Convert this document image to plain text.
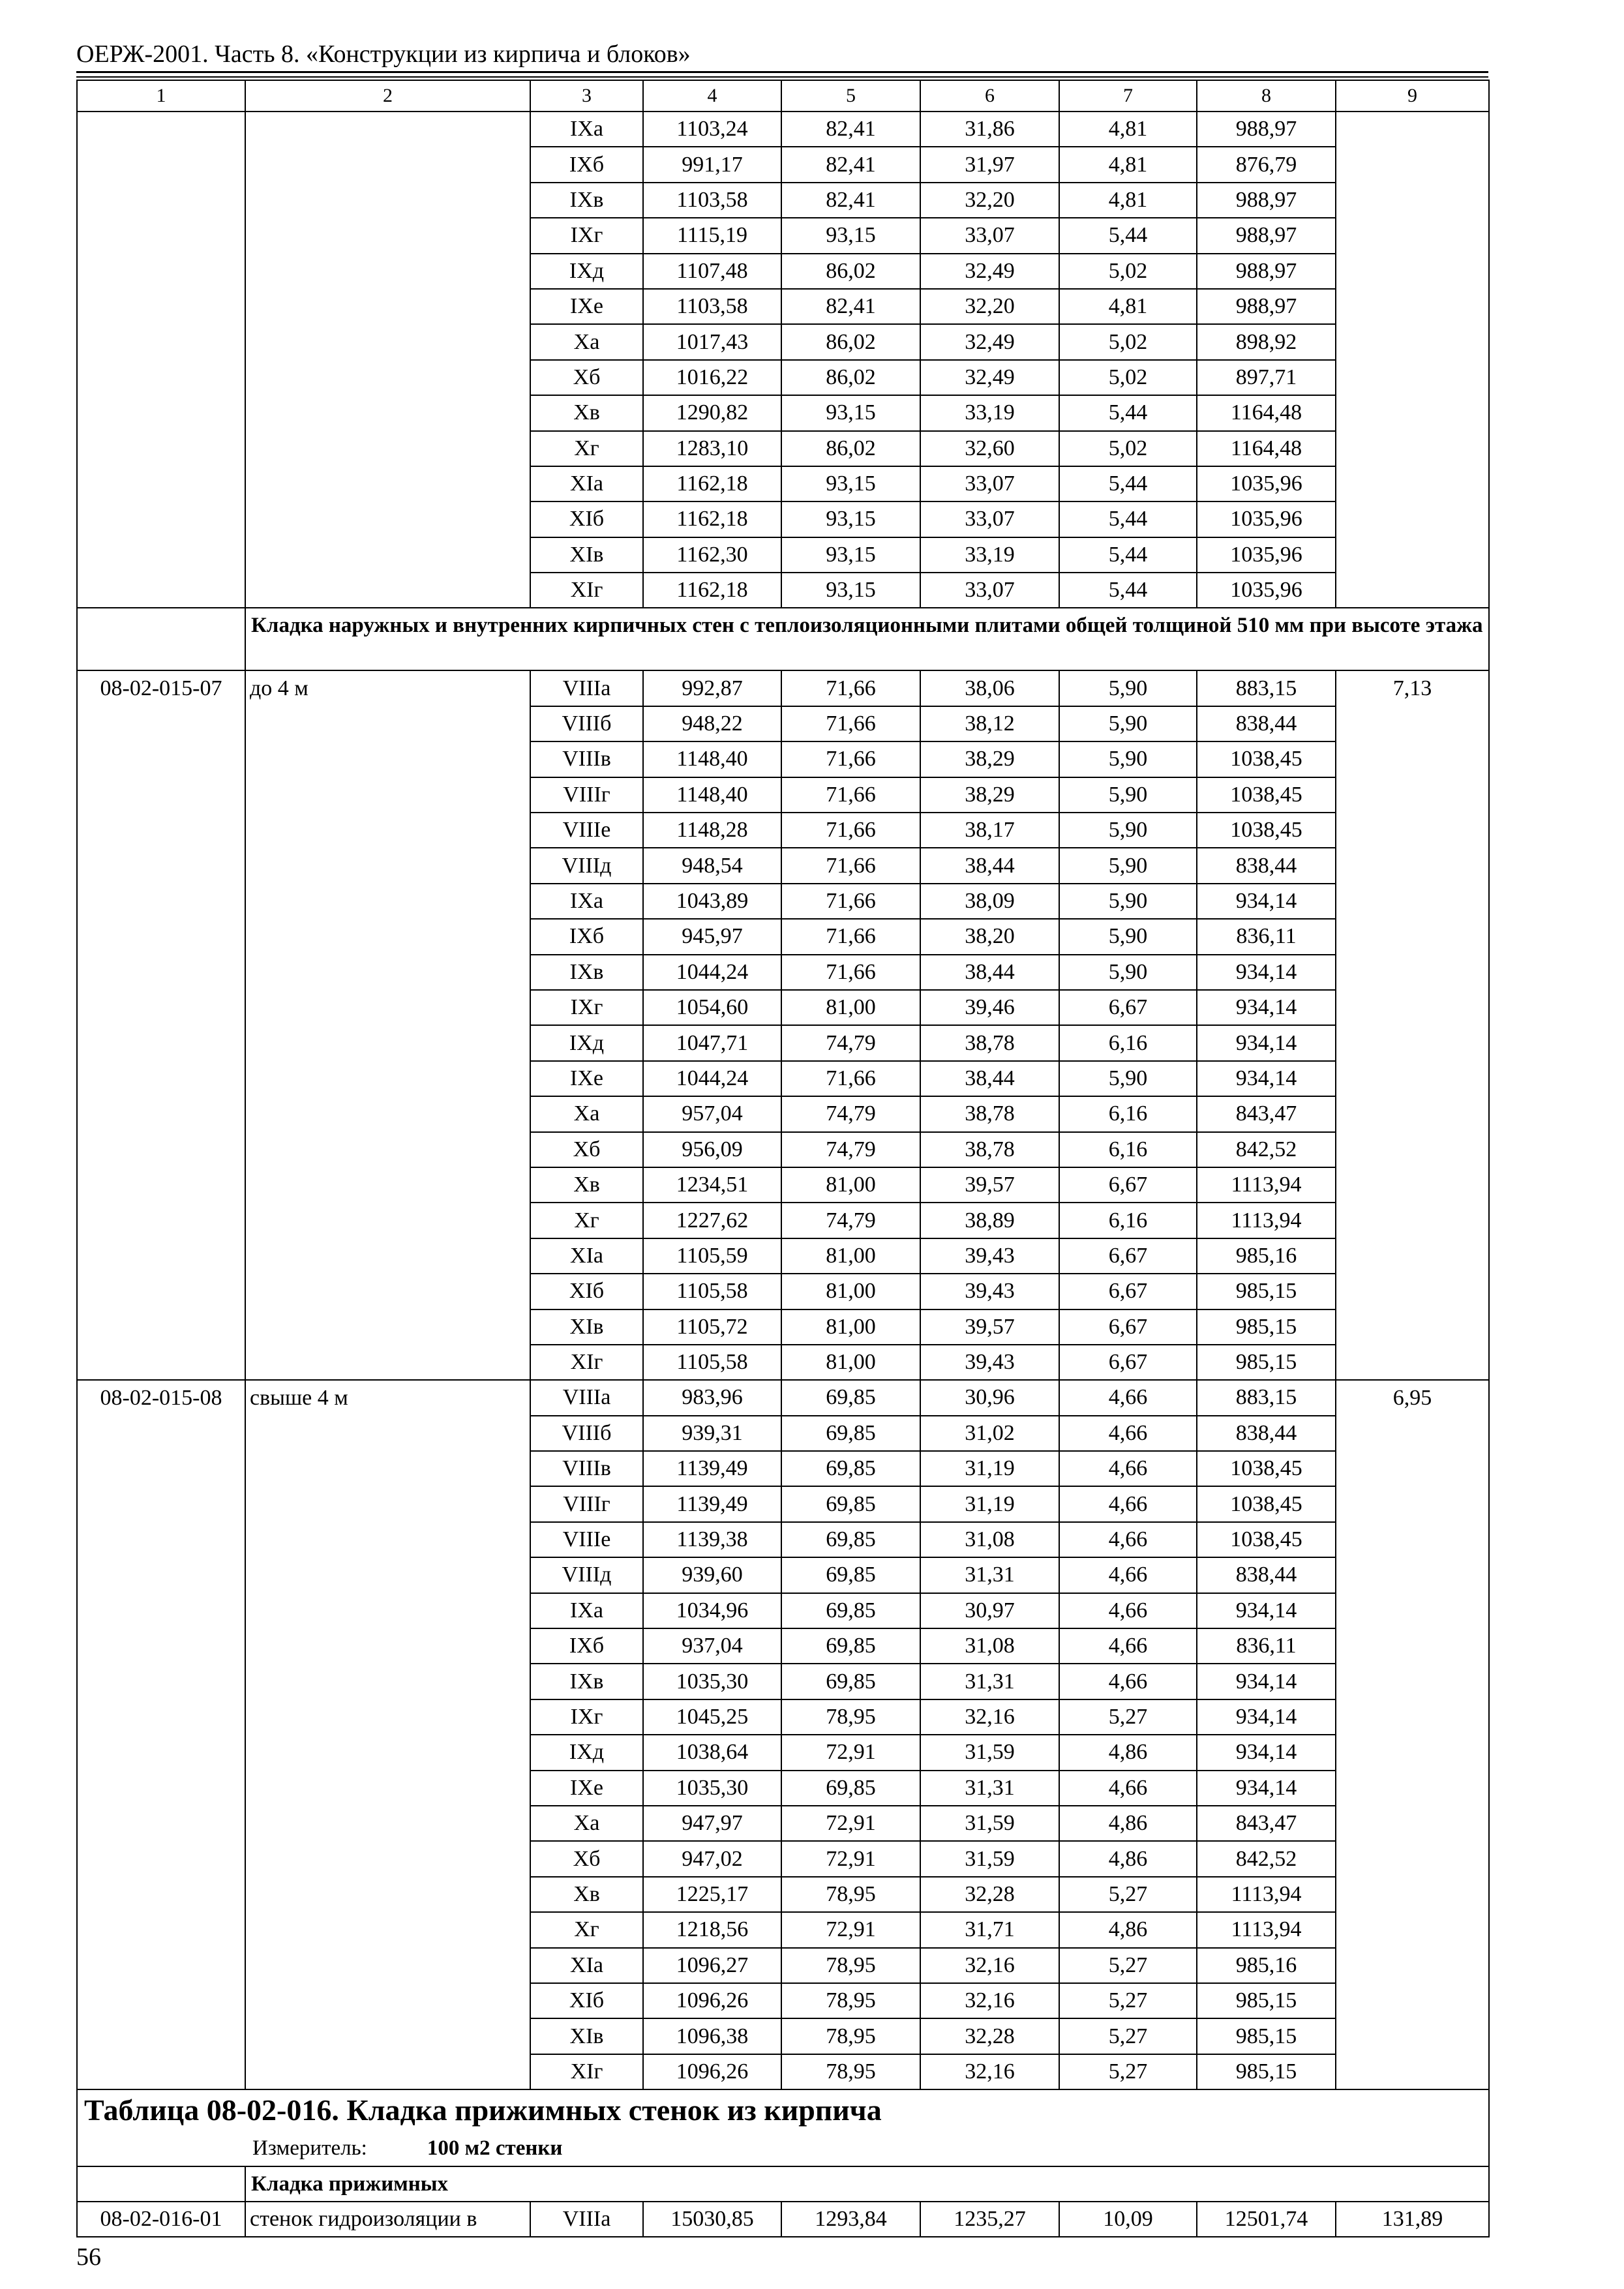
ОЕРЖ-2001. Часть 8. «Конструкции из кирпича и блоков»
1	2	3	4	5	6	7	8	9
		IXа	1103,24	82,41	31,86	4,81	988,97	
		IXб	991,17	82,41	31,97	4,81	876,79	
		IXв	1103,58	82,41	32,20	4,81	988,97	
		IXг	1115,19	93,15	33,07	5,44	988,97	
		IXд	1107,48	86,02	32,49	5,02	988,97	
		IXе	1103,58	82,41	32,20	4,81	988,97	
		Xа	1017,43	86,02	32,49	5,02	898,92	
		Xб	1016,22	86,02	32,49	5,02	897,71	
		Xв	1290,82	93,15	33,19	5,44	1164,48	
		Xг	1283,10	86,02	32,60	5,02	1164,48	
		XIа	1162,18	93,15	33,07	5,44	1035,96	
		XIб	1162,18	93,15	33,07	5,44	1035,96	
		XIв	1162,30	93,15	33,19	5,44	1035,96	
		XIг	1162,18	93,15	33,07	5,44	1035,96	
	Кладка наружных и внутренних кирпичных стен с теплоизоляционными плитами общей толщиной 510 мм при высоте этажа							
08-02-015-07	до 4 м	VIIIа	992,87	71,66	38,06	5,90	883,15	7,13
		VIIIб	948,22	71,66	38,12	5,90	838,44	
		VIIIв	1148,40	71,66	38,29	5,90	1038,45	
		VIIIг	1148,40	71,66	38,29	5,90	1038,45	
		VIIIе	1148,28	71,66	38,17	5,90	1038,45	
		VIIIд	948,54	71,66	38,44	5,90	838,44	
		IXа	1043,89	71,66	38,09	5,90	934,14	
		IXб	945,97	71,66	38,20	5,90	836,11	
		IXв	1044,24	71,66	38,44	5,90	934,14	
		IXг	1054,60	81,00	39,46	6,67	934,14	
		IXд	1047,71	74,79	38,78	6,16	934,14	
		IXе	1044,24	71,66	38,44	5,90	934,14	
		Xа	957,04	74,79	38,78	6,16	843,47	
		Xб	956,09	74,79	38,78	6,16	842,52	
		Xв	1234,51	81,00	39,57	6,67	1113,94	
		Xг	1227,62	74,79	38,89	6,16	1113,94	
		XIа	1105,59	81,00	39,43	6,67	985,16	
		XIб	1105,58	81,00	39,43	6,67	985,15	
		XIв	1105,72	81,00	39,57	6,67	985,15	
		XIг	1105,58	81,00	39,43	6,67	985,15	
08-02-015-08	свыше 4 м	VIIIа	983,96	69,85	30,96	4,66	883,15	6,95
		VIIIб	939,31	69,85	31,02	4,66	838,44	
		VIIIв	1139,49	69,85	31,19	4,66	1038,45	
		VIIIг	1139,49	69,85	31,19	4,66	1038,45	
		VIIIе	1139,38	69,85	31,08	4,66	1038,45	
		VIIIд	939,60	69,85	31,31	4,66	838,44	
		IXа	1034,96	69,85	30,97	4,66	934,14	
		IXб	937,04	69,85	31,08	4,66	836,11	
		IXв	1035,30	69,85	31,31	4,66	934,14	
		IXг	1045,25	78,95	32,16	5,27	934,14	
		IXд	1038,64	72,91	31,59	4,86	934,14	
		IXе	1035,30	69,85	31,31	4,66	934,14	
		Xа	947,97	72,91	31,59	4,86	843,47	
		Xб	947,02	72,91	31,59	4,86	842,52	
		Xв	1225,17	78,95	32,28	5,27	1113,94	
		Xг	1218,56	72,91	31,71	4,86	1113,94	
		XIа	1096,27	78,95	32,16	5,27	985,16	
		XIб	1096,26	78,95	32,16	5,27	985,15	
		XIв	1096,38	78,95	32,28	5,27	985,15	
		XIг	1096,26	78,95	32,16	5,27	985,15	
Таблица 08-02-016. Кладка прижимных стенок из кирпича								
Измеритель: 100 м2 стенки								
	Кладка прижимных							
08-02-016-01	стенок гидроизоляции в	VIIIа	15030,85	1293,84	1235,27	10,09	12501,74	131,89
56
